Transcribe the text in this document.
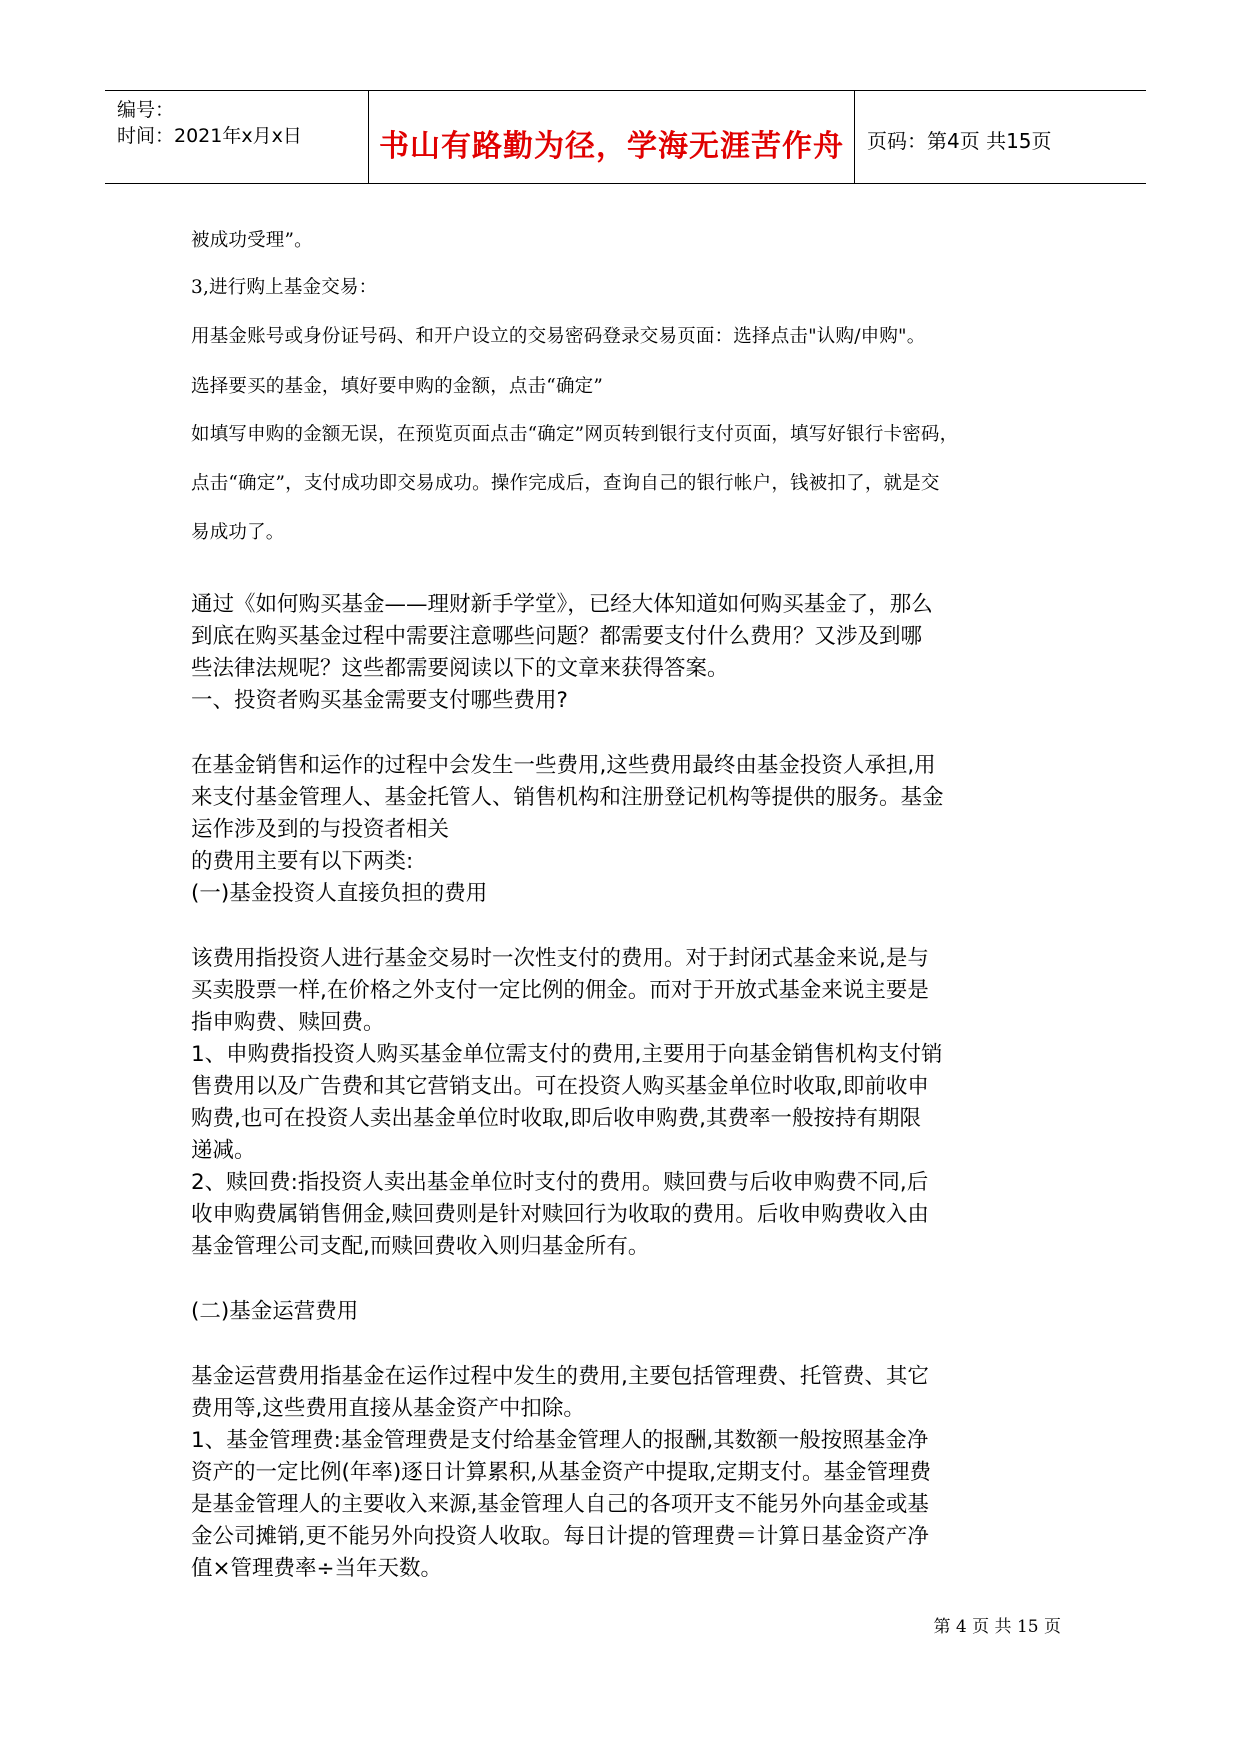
编号：
时间：2021年x月x日	书山有路勤为径，学海无涯苦作舟	页码：第4页 共15页

被成功受理”。

3,进行购上基金交易：

用基金账号或身份证号码、和开户设立的交易密码登录交易页面：选择点击"认购/申购"。

选择要买的基金，填好要申购的金额，点击“确定”

如填写申购的金额无误，在预览页面点击“确定”网页转到银行支付页面，填写好银行卡密码，

点击“确定”，支付成功即交易成功。操作完成后，查询自己的银行帐户，钱被扣了，就是交

易成功了。

通过《如何购买基金——理财新手学堂》，已经大体知道如何购买基金了，那么

到底在购买基金过程中需要注意哪些问题？都需要支付什么费用？又涉及到哪

些法律法规呢？这些都需要阅读以下的文章来获得答案。

一、投资者购买基金需要支付哪些费用?

在基金销售和运作的过程中会发生一些费用,这些费用最终由基金投资人承担,用

来支付基金管理人、基金托管人、销售机构和注册登记机构等提供的服务。基金

运作涉及到的与投资者相关

的费用主要有以下两类:

(一)基金投资人直接负担的费用

该费用指投资人进行基金交易时一次性支付的费用。对于封闭式基金来说,是与

买卖股票一样,在价格之外支付一定比例的佣金。而对于开放式基金来说主要是

指申购费、赎回费。

1、申购费指投资人购买基金单位需支付的费用,主要用于向基金销售机构支付销

售费用以及广告费和其它营销支出。可在投资人购买基金单位时收取,即前收申

购费,也可在投资人卖出基金单位时收取,即后收申购费,其费率一般按持有期限

递减。

2、赎回费:指投资人卖出基金单位时支付的费用。赎回费与后收申购费不同,后

收申购费属销售佣金,赎回费则是针对赎回行为收取的费用。后收申购费收入由

基金管理公司支配,而赎回费收入则归基金所有。

(二)基金运营费用

基金运营费用指基金在运作过程中发生的费用,主要包括管理费、托管费、其它

费用等,这些费用直接从基金资产中扣除。

1、基金管理费:基金管理费是支付给基金管理人的报酬,其数额一般按照基金净

资产的一定比例(年率)逐日计算累积,从基金资产中提取,定期支付。基金管理费

是基金管理人的主要收入来源,基金管理人自己的各项开支不能另外向基金或基

金公司摊销,更不能另外向投资人收取。每日计提的管理费＝计算日基金资产净

值×管理费率÷当年天数。

第 4 页 共 15 页
